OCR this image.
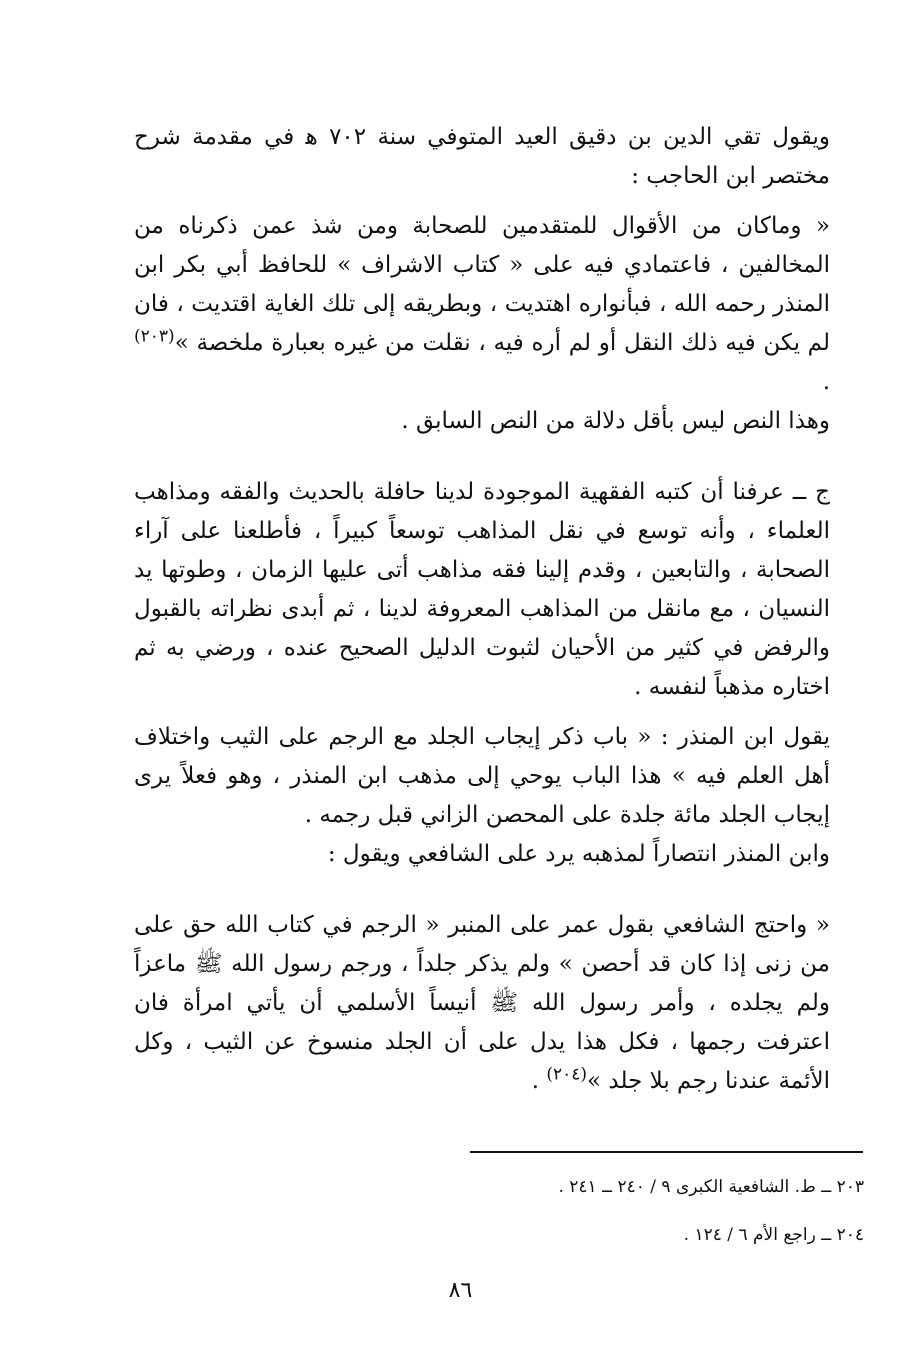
ويقول تقي الدين بن دقيق العيد المتوفي سنة ٧٠٢ ﻫ في مقدمة شرح مختصر ابن الحاجب :

« وماكان من الأقوال للمتقدمين للصحابة ومن شذ عمن ذكرناه من المخالفين ، فاعتمادي فيه على « كتاب الاشراف » للحافظ أبي بكر ابن المنذر رحمه الله ، فبأنواره اهتديت ، وبطريقه إلى تلك الغاية اقتديت ، فان لم يكن فيه ذلك النقل أو لم أره فيه ، نقلت من غيره بعبارة ملخصة »$^{(٢٠٣)}$ .

وهذا النص ليس بأقل دلالة من النص السابق .

ج ــ عرفنا أن كتبه الفقهية الموجودة لدينا حافلة بالحديث والفقه ومذاهب العلماء ، وأنه توسع في نقل المذاهب توسعاً كبيراً ، فأطلعنا على آراء الصحابة ، والتابعين ، وقدم إلينا فقه مذاهب أتى عليها الزمان ، وطوتها يد النسيان ، مع مانقل من المذاهب المعروفة لدينا ، ثم أبدى نظراته بالقبول والرفض في كثير من الأحيان لثبوت الدليل الصحيح عنده ، ورضي به ثم اختاره مذهباً لنفسه .

يقول ابن المنذر : « باب ذكر إيجاب الجلد مع الرجم على الثيب واختلاف أهل العلم فيه » هذا الباب يوحي إلى مذهب ابن المنذر ، وهو فعلاً يرى إيجاب الجلد مائة جلدة على المحصن الزاني قبل رجمه .

وابن المنذر انتصاراً لمذهبه يرد على الشافعي ويقول :

« واحتج الشافعي بقول عمر على المنبر « الرجم في كتاب الله حق على من زنى إذا كان قد أحصن » ولم يذكر جلداً ، ورجم رسول الله ﷺ ماعزاً ولم يجلده ، وأمر رسول الله ﷺ أنيساً الأسلمي أن يأتي امرأة فان اعترفت رجمها ، فكل هذا يدل على أن الجلد منسوخ عن الثيب ، وكل الأئمة عندنا رجم بلا جلد »$^{(٢٠٤)}$ .

٢٠٣ ــ ط. الشافعية الكبرى ٩ / ٢٤٠ ــ ٢٤١ .

٢٠٤ ــ راجع الأم ٦ / ١٢٤ .

٨٦
